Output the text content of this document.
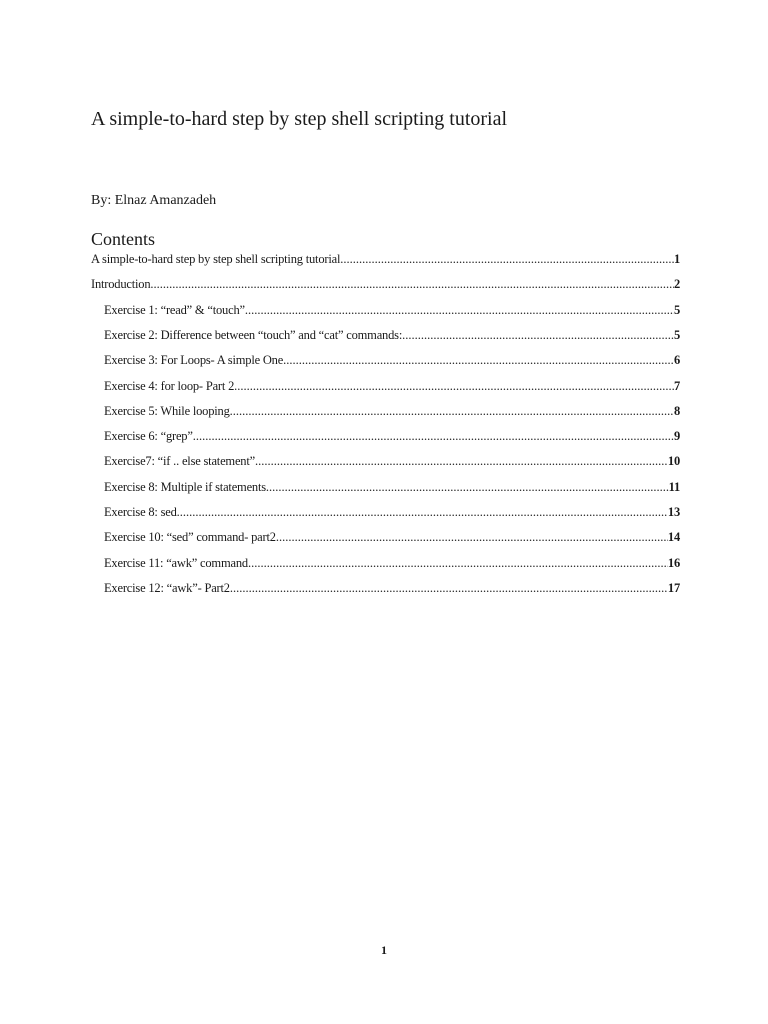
A simple-to-hard step by step shell scripting tutorial
By: Elnaz Amanzadeh
Contents
A simple-to-hard step by step shell scripting tutorial .....	1
Introduction .....	2
Exercise 1: “read” & “touch” .....	5
Exercise 2: Difference between “touch” and “cat” commands: .....	5
Exercise 3: For Loops- A simple One .....	6
Exercise 4: for loop- Part 2 .....	7
Exercise 5: While looping .....	8
Exercise 6: “grep” .....	9
Exercise7: “if .. else statement” .....	10
Exercise 8: Multiple if statements .....	11
Exercise 8: sed .....	13
Exercise 10: “sed” command- part2 .....	14
Exercise 11: “awk” command .....	16
Exercise 12: “awk”- Part2 .....	17
1
